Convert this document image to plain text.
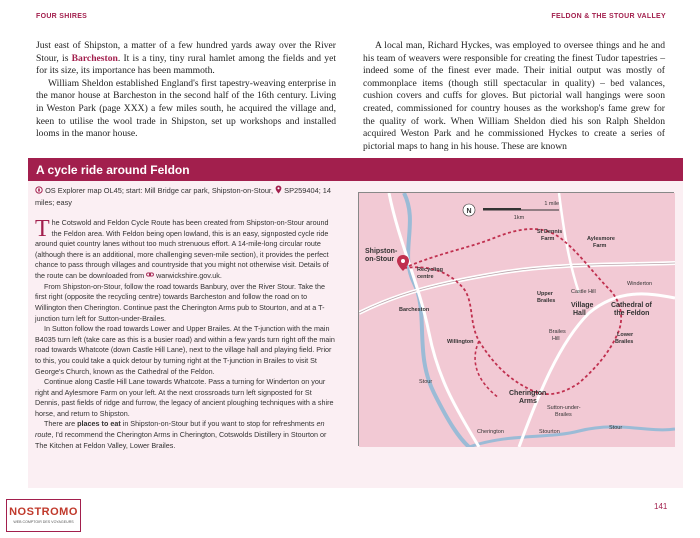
FOUR SHIRES	FELDON & THE STOUR VALLEY

Just east of Shipston, a matter of a few hundred yards away over the River Stour, is Barcheston. It is a tiny, tiny rural hamlet among the fields and yet for its size, its importance has been mammoth.

William Sheldon established England's first tapestry-weaving enterprise in the manor house at Barcheston in the second half of the 16th century. Living in Weston Park (page XXX) a few miles south, he acquired the village and, keen to utilise the wool trade in Shipston, set up workshops and installed looms in the manor house.

A local man, Richard Hyckes, was employed to oversee things and he and his team of weavers were responsible for creating the finest Tudor tapestries – indeed some of the finest ever made. Their initial output was mostly of commonplace items (though still spectacular in quality) – bed valances, cushion covers and cuffs for gloves. But pictorial wall hangings were soon created, commissioned for country houses as the workshop's fame grew for the quality of work. When William Sheldon died his son Ralph Sheldon acquired Weston Park and he commissioned Hyckes to create a series of pictorial maps to hang in his house. These are known

A cycle ride around Feldon
OS Explorer map OL45; start: Mill Bridge car park, Shipston-on-Stour, SP259404; 14 miles; easy

The Cotswold and Feldon Cycle Route has been created from Shipston-on-Stour around the Feldon area. With Feldon being open lowland, this is an easy, signposted cycle ride around quiet country lanes without too much strenuous effort. A 14-mile-long circular route (although there is an additional, more challenging seven-mile section), it provides the perfect chance to pass through villages and countryside that you might not otherwise visit. Details of the route can be downloaded from warwickshire.gov.uk.

From Shipston-on-Stour, follow the road towards Banbury, over the River Stour. Take the first right (opposite the recycling centre) towards Barcheston and follow the road on to Willington then Cherington. Continue past the Cherington Arms pub to Stourton, and at a T-junction turn left for Sutton-under-Brailes.

In Sutton follow the road towards Lower and Upper Brailes. At the T-junction with the main B4035 turn left (take care as this is a busier road) and within a few yards turn right off the main road towards Whatcote (down Castle Hill Lane), next to the village hall and playing field. Prior to this, you could take a quick detour by turning right at the T-junction in Brailes to visit St George's Church, known as the Cathedral of the Feldon.

Continue along Castle Hill Lane towards Whatcote. Pass a turning for Winderton on your right and Aylesmore Farm on your left. At the next crossroads turn left signposted for St Dennis, past fields of ridge and furrow, the legacy of ancient ploughing techniques with a shire horse, and return to Shipston.

There are places to eat in Shipston-on-Stour but if you want to stop for refreshments en route, I'd recommend the Cherington Arms in Cherington, Cotswolds Distillery in Stourton or The Kitchen at Feldon Valley, Lower Brailes.

N
1 mile
1km
Shipston-
on-Stour
Recycling
centre
Barcheston
Willington
St Dennis
Farm	Aylesmore
Farm
Winderton
Upper
Brailes
Castle Hill
Village
Hall
Cathedral of
the Feldon
Lower
Brailes
Brailes
Hill
Cherington
Arms
Sutton-under-
Brailes
Cherington	Stourton
Stour
Stour
141
NOSTROMO
WEB COMPTOIR DES VOYAGEURS
